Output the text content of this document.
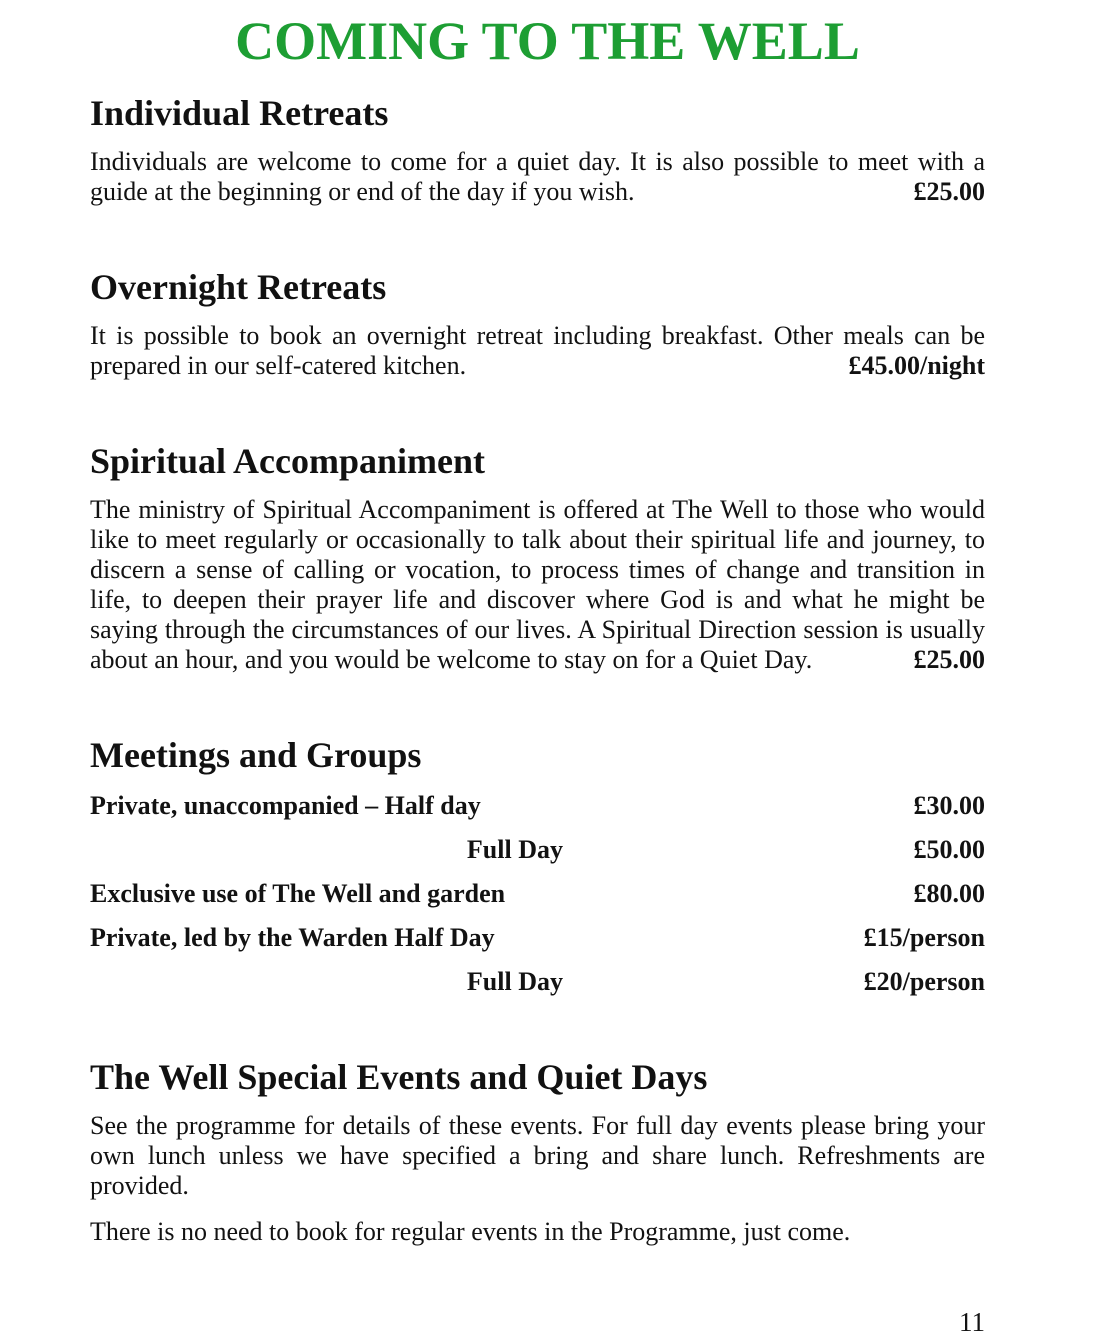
COMING TO THE WELL
Individual Retreats
Individuals are welcome to come for a quiet day. It is also possible to meet with a guide at the beginning or end of the day if you wish.	£25.00
Overnight Retreats
It is possible to book an overnight retreat including breakfast. Other meals can be prepared in our self-catered kitchen.	£45.00/night
Spiritual Accompaniment
The ministry of Spiritual Accompaniment is offered at The Well to those who would like to meet regularly or occasionally to talk about their spiritual life and journey, to discern a sense of calling or vocation, to process times of change and transition in life, to deepen their prayer life and discover where God is and what he might be saying through the circumstances of our lives. A Spiritual Direction session is usually about an hour, and you would be welcome to stay on for a Quiet Day.	£25.00
Meetings and Groups
Private, unaccompanied – Half day	£30.00
Full Day	£50.00
Exclusive use of The Well and garden	£80.00
Private, led by the Warden Half Day	£15/person
Full Day	£20/person
The Well Special Events and Quiet Days
See the programme for details of these events. For full day events please bring your own lunch unless we have specified a bring and share lunch. Refreshments are provided.
There is no need to book for regular events in the Programme, just come.
11
